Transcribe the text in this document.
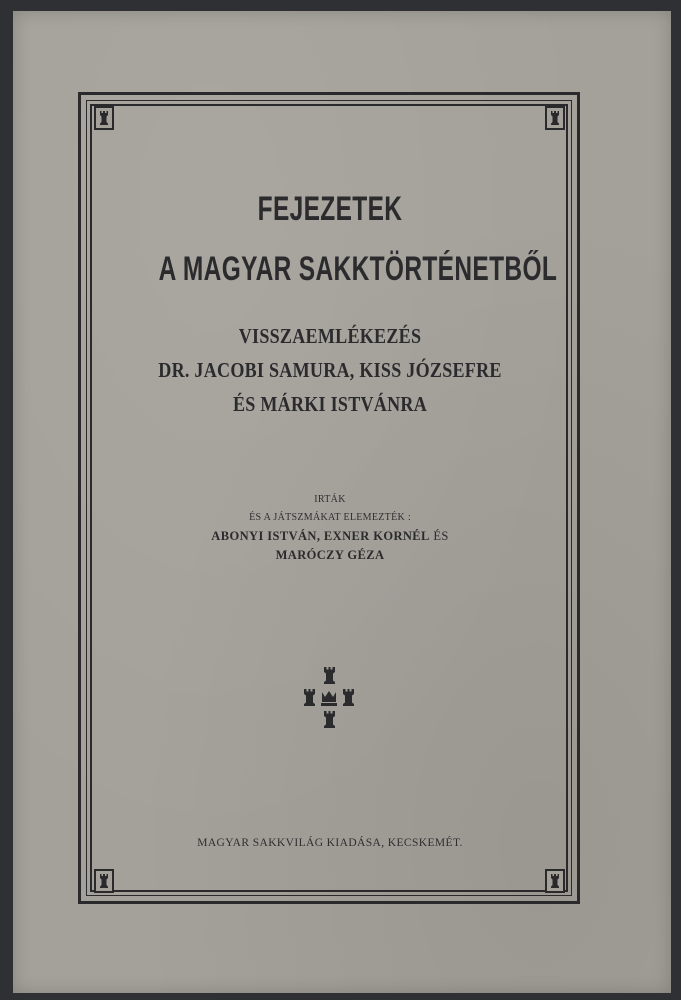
FEJEZETEK
A MAGYAR SAKKTÖRTÉNETBŐL
VISSZAEMLÉKEZÉS
DR. JACOBI SAMURA, KISS JÓZSEFRE
ÉS MÁRKI ISTVÁNRA
IRTÁK
ÉS A JÁTSZMÁKAT ELEMEZTÉK :
ABONYI ISTVÁN, EXNER KORNÉL ÉS
MARÓCZY GÉZA
MAGYAR SAKKVILÁG KIADÁSA, KECSKEMÉT.
